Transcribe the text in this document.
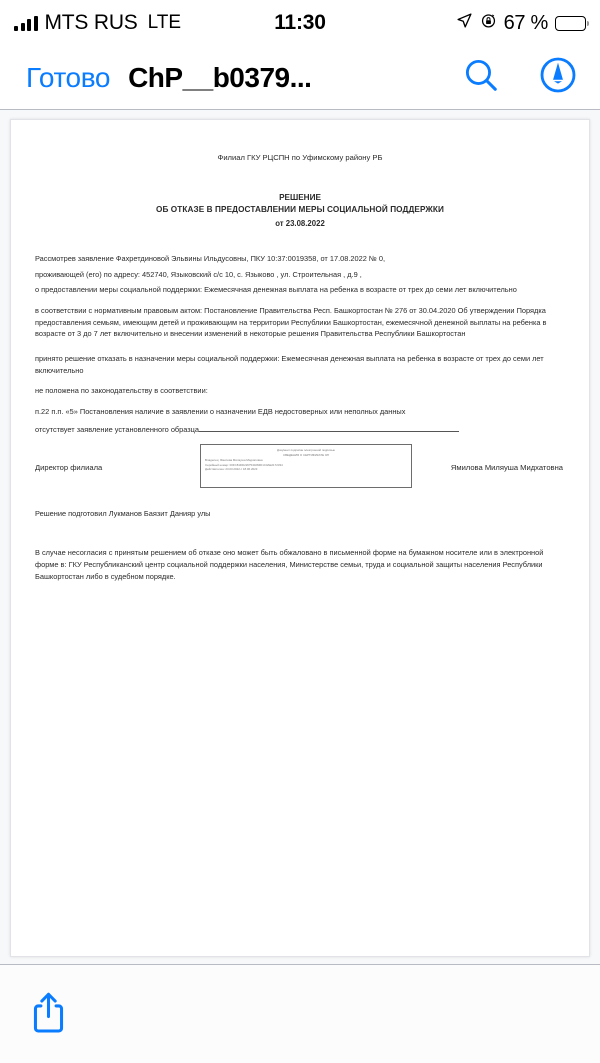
MTS RUS LTE	11:30	67 %
Готово ChP__b0379...
Филиал ГКУ РЦСПН по Уфимскому району РБ
РЕШЕНИЕ
ОБ ОТКАЗЕ В ПРЕДОСТАВЛЕНИИ МЕРЫ СОЦИАЛЬНОЙ ПОДДЕРЖКИ
от 23.08.2022

Рассмотрев заявление Фахретдиновой Эльвины Ильдусовны, ПКУ 10:37:0019358, от 17.08.2022 № 0,

проживающей (его) по адресу: 452740, Языковский с/с 10, с. Языково , ул. Строительная , д.9 ,

о предоставлении меры социальной поддержки: Ежемесячная денежная выплата на ребенка в возрасте от трех до семи лет включительно

в соответствии с нормативным правовым актом: Постановление Правительства Респ. Башкортостан № 276 от 30.04.2020 Об утверждении Порядка предоставления семьям, имеющим детей и проживающим на территории Республики Башкортостан, ежемесячной денежной выплаты на ребенка в возрасте от 3 до 7 лет включительно и внесении изменений в некоторые решения Правительства Республики Башкортостан

принято решение отказать в назначении меры социальной поддержки: Ежемесячная денежная выплата на ребенка в возрасте от трех до семи лет включительно

не положена по законодательству в соответствии:

п.22 п.п. «5» Постановления наличие в заявлении о назначении ЕДВ недостоверных или неполных данных

отсутствует заявление установленного образца

Директор филиала
Документ подписан электронной подписью
СВЕДЕНИЯ О СЕРТИФИКАТЕ ЭП
Владелец: Ямилова Миляуша Мидхатовна
Серийный номер: 00FC81DD2267540284D1C0AE2172334
Действителен: 23.03.2022 с 18.06.2023	Ямилова Миляуша Мидхатовна
Решение подготовил Лукманов Баязит Данияр улы
В случае несогласия с принятым решением об отказе оно может быть обжаловано в письменной форме на бумажном носителе или в электронной форме в: ГКУ Республиканский центр социальной поддержки населения, Министерстве семьи, труда и социальной защиты населения Республики Башкортостан либо в судебном порядке.
